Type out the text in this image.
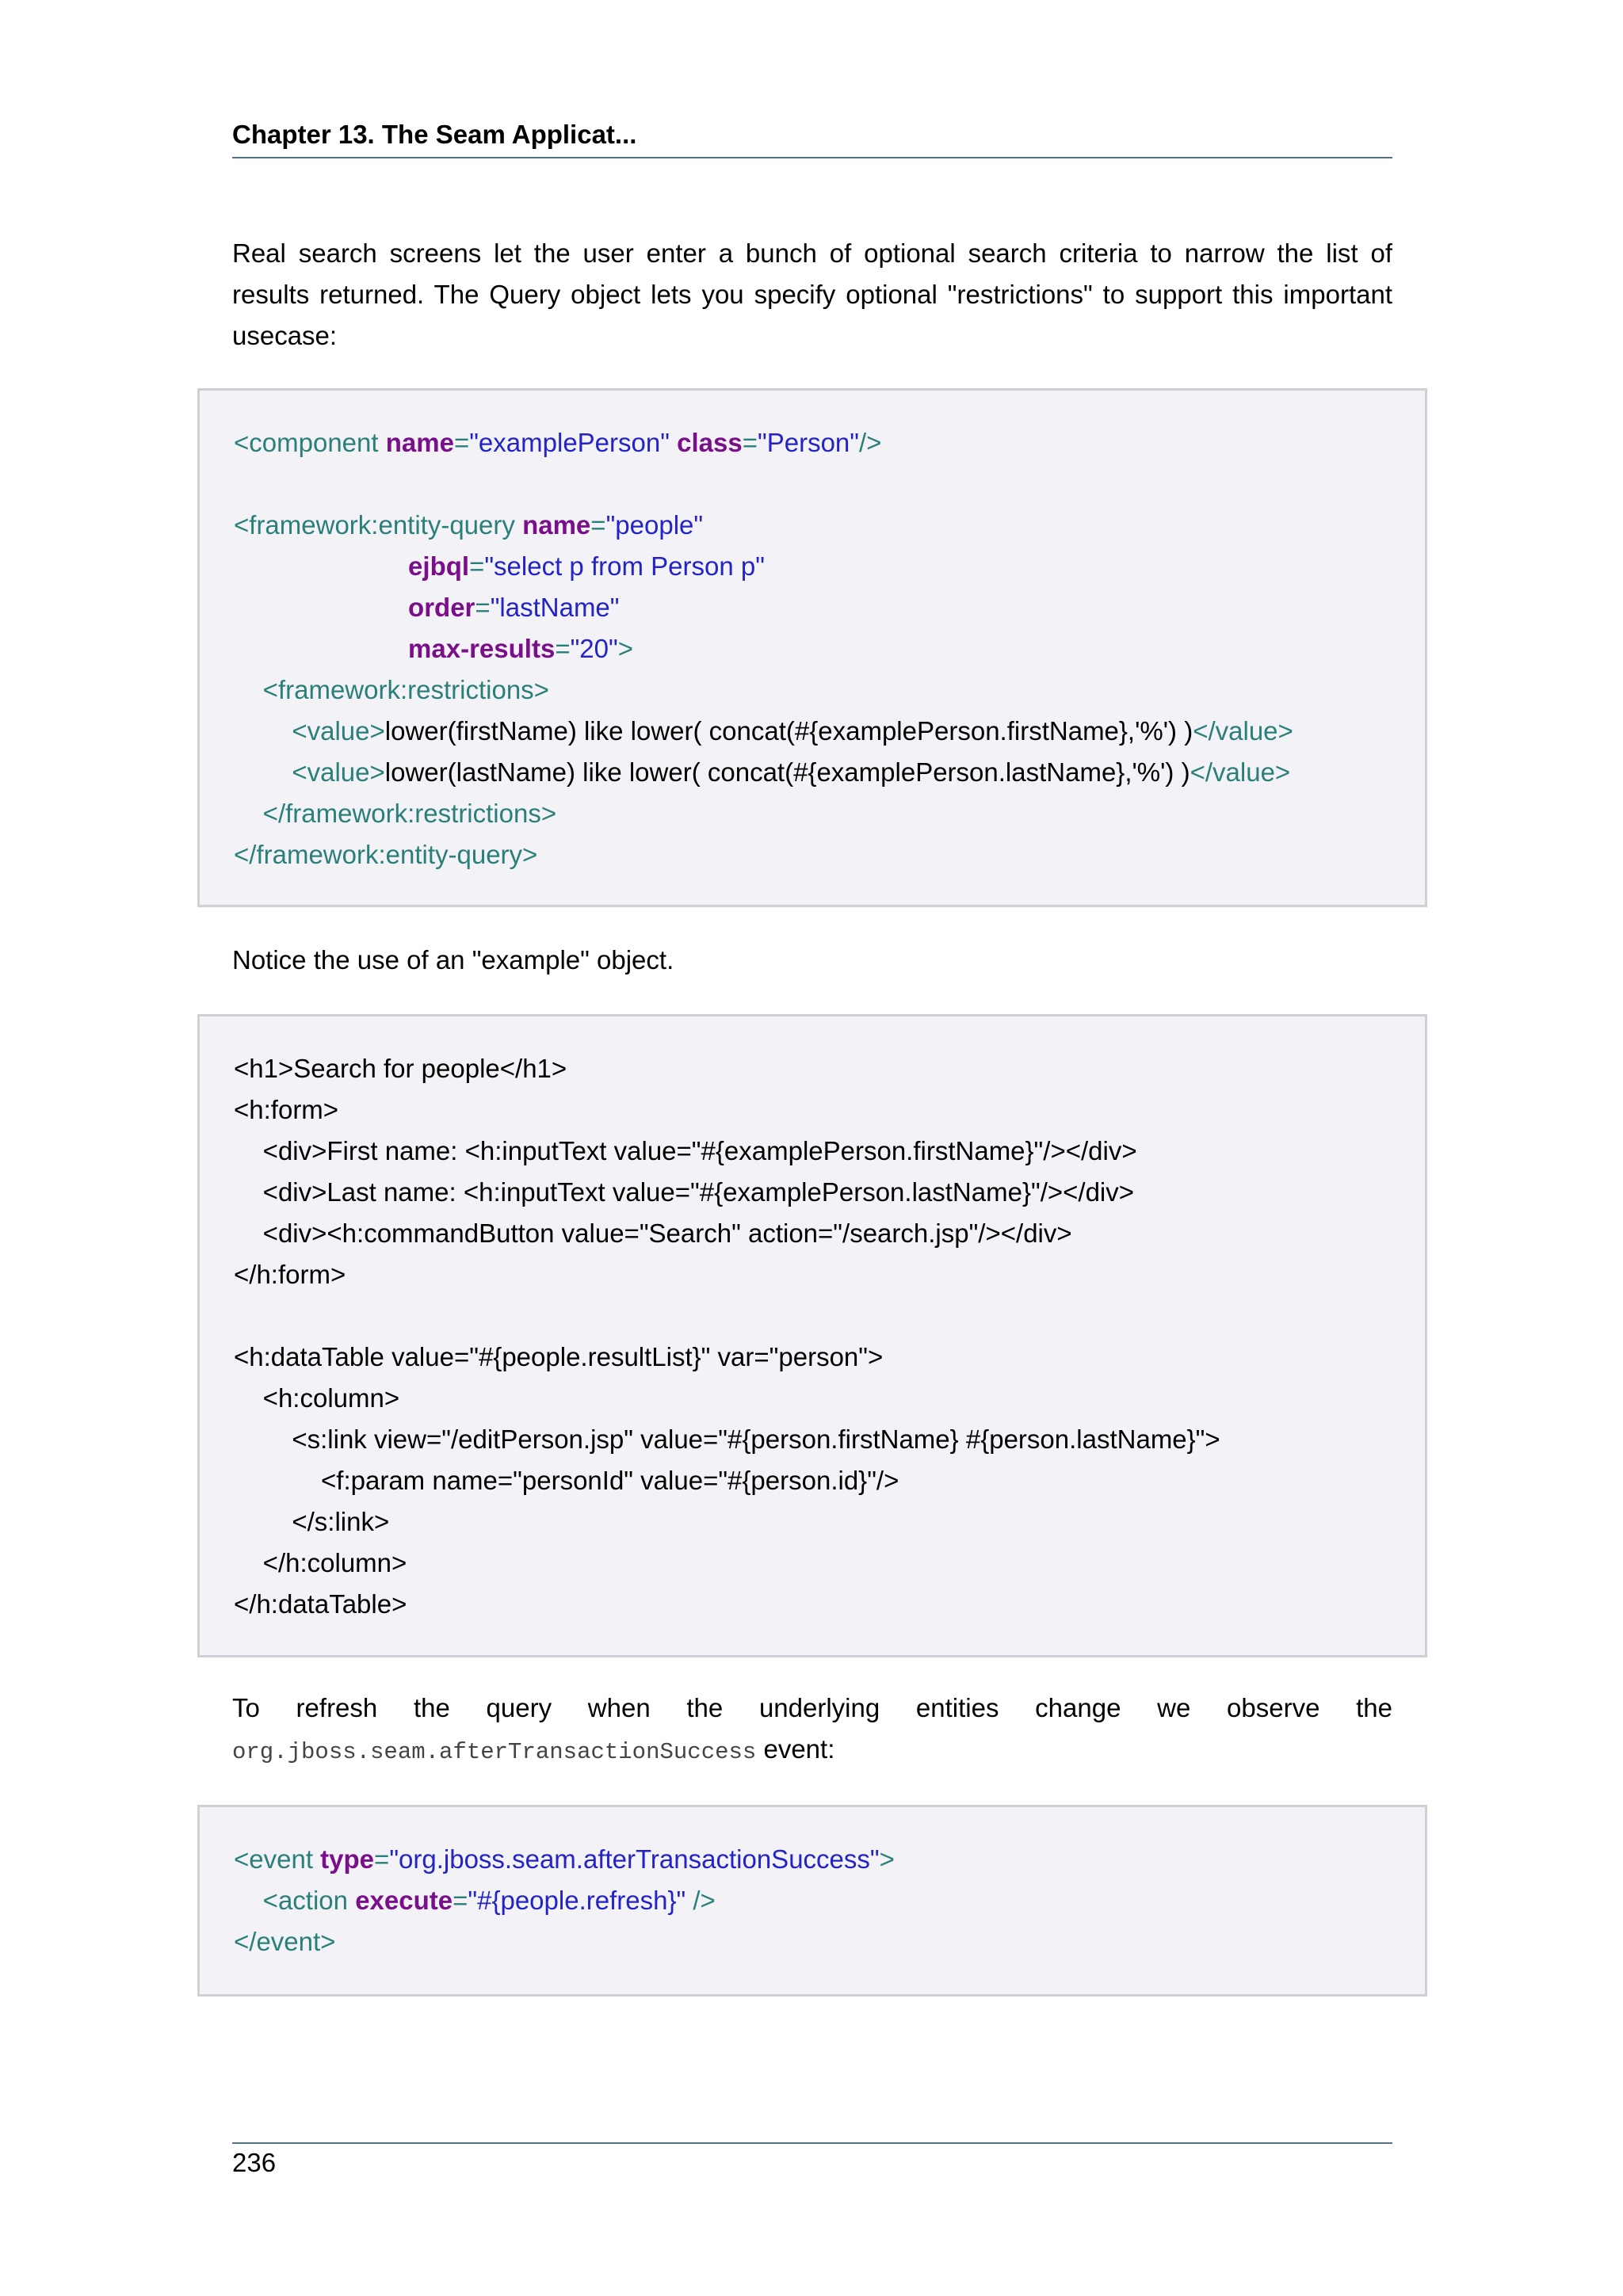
Chapter 13. The Seam Applicat...
Real search screens let the user enter a bunch of optional search criteria to narrow the list of
results returned. The Query object lets you specify optional "restrictions" to support this important
usecase:
<component name="examplePerson" class="Person"/>
<framework:entity-query name="people"
ejbql="select p from Person p"
order="lastName"
max-results="20">
<framework:restrictions>
<value>lower(firstName) like lower( concat(#{examplePerson.firstName},'%') )</value>
<value>lower(lastName) like lower( concat(#{examplePerson.lastName},'%') )</value>
</framework:restrictions>
</framework:entity-query>
Notice the use of an "example" object.
<h1>Search for people</h1>
<h:form>
<div>First name: <h:inputText value="#{examplePerson.firstName}"/></div>
<div>Last name: <h:inputText value="#{examplePerson.lastName}"/></div>
<div><h:commandButton value="Search" action="/search.jsp"/></div>
</h:form>
<h:dataTable value="#{people.resultList}" var="person">
<h:column>
<s:link view="/editPerson.jsp" value="#{person.firstName} #{person.lastName}">
<f:param name="personId" value="#{person.id}"/>
</s:link>
</h:column>
</h:dataTable>
To refresh the query when the underlying entities change we observe the
org.jboss.seam.afterTransactionSuccess event:
<event type="org.jboss.seam.afterTransactionSuccess">
<action execute="#{people.refresh}" />
</event>
236
